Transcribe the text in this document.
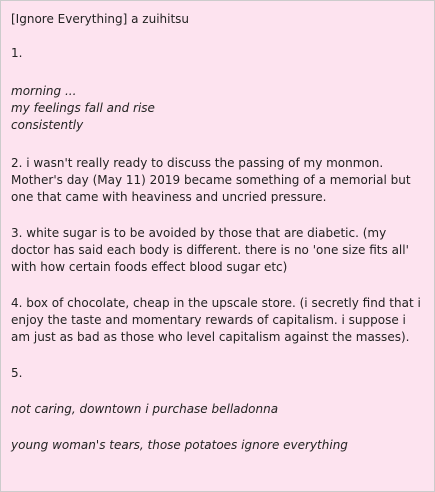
[Ignore Everything] a zuihitsu

1.

morning ...
my feelings fall and rise
consistently

2. i wasn't really ready to discuss the passing of my monmon. Mother's day (May 11) 2019 became something of a memorial but one that came with heaviness and uncried pressure.

3. white sugar is to be avoided by those that are diabetic. (my doctor has said each body is different. there is no 'one size fits all' with how certain foods effect blood sugar etc)

4. box of chocolate, cheap in the upscale store. (i secretly find that i enjoy the taste and momentary rewards of capitalism. i suppose i am just as bad as those who level capitalism against the masses).

5.

not caring, downtown i purchase belladonna

young woman's tears, those potatoes ignore everything
